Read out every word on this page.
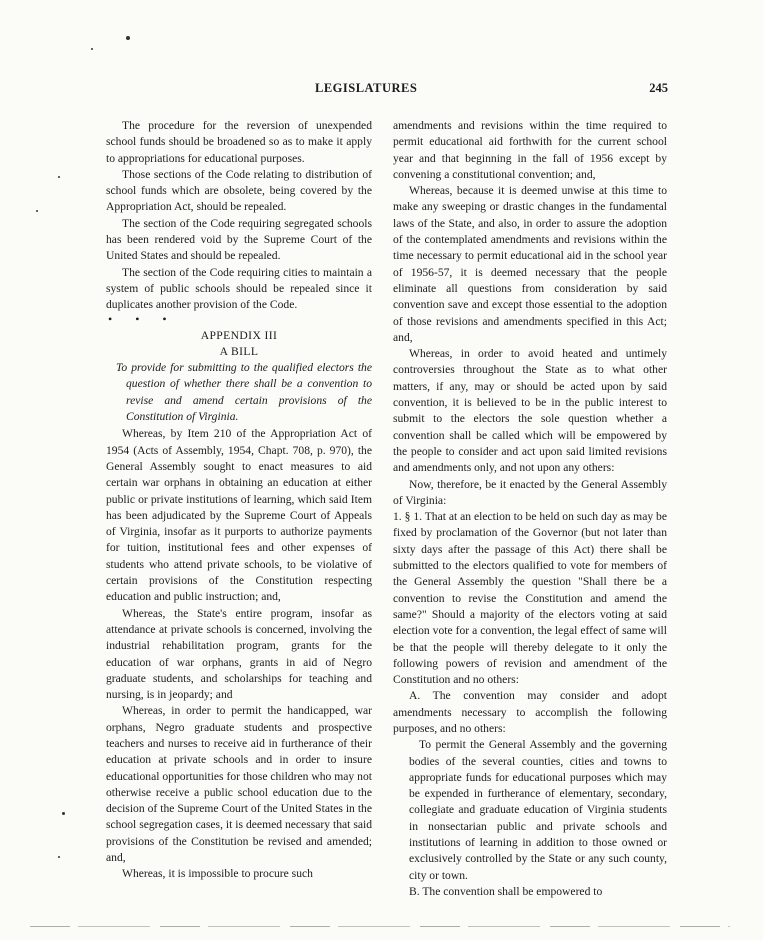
LEGISLATURES	245

The procedure for the reversion of unexpended school funds should be broadened so as to make it apply to appropriations for educational purposes.

Those sections of the Code relating to distribution of school funds which are obsolete, being covered by the Appropriation Act, should be repealed.

The section of the Code requiring segregated schools has been rendered void by the Supreme Court of the United States and should be repealed.

The section of the Code requiring cities to maintain a system of public schools should be repealed since it duplicates another provision of the Code.

• • •

APPENDIX III

A BILL

To provide for submitting to the qualified electors the question of whether there shall be a convention to revise and amend certain provisions of the Constitution of Virginia.

Whereas, by Item 210 of the Appropriation Act of 1954 (Acts of Assembly, 1954, Chapt. 708, p. 970), the General Assembly sought to enact measures to aid certain war orphans in obtaining an education at either public or private institutions of learning, which said Item has been adjudicated by the Supreme Court of Appeals of Virginia, insofar as it purports to authorize payments for tuition, institutional fees and other expenses of students who attend private schools, to be violative of certain provisions of the Constitution respecting education and public instruction; and,

Whereas, the State's entire program, insofar as attendance at private schools is concerned, involving the industrial rehabilitation program, grants for the education of war orphans, grants in aid of Negro graduate students, and scholarships for teaching and nursing, is in jeopardy; and

Whereas, in order to permit the handicapped, war orphans, Negro graduate students and prospective teachers and nurses to receive aid in furtherance of their education at private schools and in order to insure educational opportunities for those children who may not otherwise receive a public school education due to the decision of the Supreme Court of the United States in the school segregation cases, it is deemed necessary that said provisions of the Constitution be revised and amended; and,

Whereas, it is impossible to procure such

amendments and revisions within the time required to permit educational aid forthwith for the current school year and that beginning in the fall of 1956 except by convening a constitutional convention; and,

Whereas, because it is deemed unwise at this time to make any sweeping or drastic changes in the fundamental laws of the State, and also, in order to assure the adoption of the contemplated amendments and revisions within the time necessary to permit educational aid in the school year of 1956-57, it is deemed necessary that the people eliminate all questions from consideration by said convention save and except those essential to the adoption of those revisions and amendments specified in this Act; and,

Whereas, in order to avoid heated and untimely controversies throughout the State as to what other matters, if any, may or should be acted upon by said convention, it is believed to be in the public interest to submit to the electors the sole question whether a convention shall be called which will be empowered by the people to consider and act upon said limited revisions and amendments only, and not upon any others:

Now, therefore, be it enacted by the General Assembly of Virginia:

1. § 1. That at an election to be held on such day as may be fixed by proclamation of the Governor (but not later than sixty days after the passage of this Act) there shall be submitted to the electors qualified to vote for members of the General Assembly the question "Shall there be a convention to revise the Constitution and amend the same?" Should a majority of the electors voting at said election vote for a convention, the legal effect of same will be that the people will thereby delegate to it only the following powers of revision and amendment of the Constitution and no others:

A. The convention may consider and adopt amendments necessary to accomplish the following purposes, and no others:

To permit the General Assembly and the governing bodies of the several counties, cities and towns to appropriate funds for educational purposes which may be expended in furtherance of elementary, secondary, collegiate and graduate education of Virginia students in nonsectarian public and private schools and institutions of learning in addition to those owned or exclusively controlled by the State or any such county, city or town.

B. The convention shall be empowered to
